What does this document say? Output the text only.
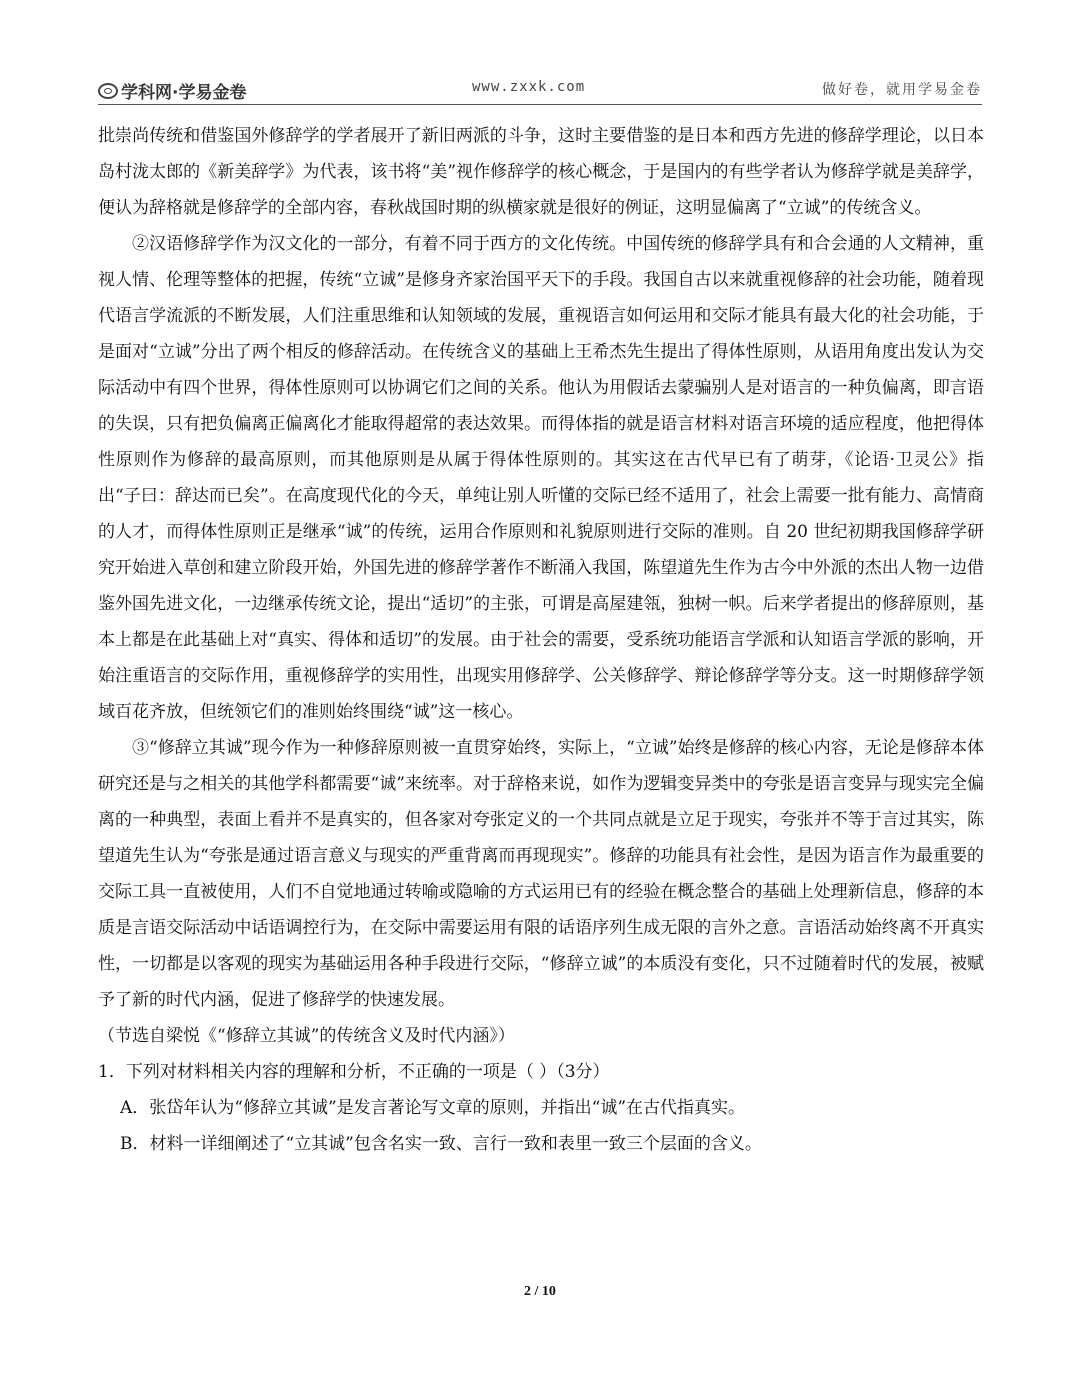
学科网·学易金卷	www.zxxk.com	做好卷，就用学易金卷

批崇尚传统和借鉴国外修辞学的学者展开了新旧两派的斗争，这时主要借鉴的是日本和西方先进的修辞学理论，以日本岛村泷太郎的《新美辞学》为代表，该书将“美”视作修辞学的核心概念，于是国内的有些学者认为修辞学就是美辞学，便认为辞格就是修辞学的全部内容，春秋战国时期的纵横家就是很好的例证，这明显偏离了“立诚”的传统含义。

②汉语修辞学作为汉文化的一部分，有着不同于西方的文化传统。中国传统的修辞学具有和合会通的人文精神，重视人情、伦理等整体的把握，传统“立诚”是修身齐家治国平天下的手段。我国自古以来就重视修辞的社会功能，随着现代语言学流派的不断发展，人们注重思维和认知领域的发展，重视语言如何运用和交际才能具有最大化的社会功能，于是面对“立诚”分出了两个相反的修辞活动。在传统含义的基础上王希杰先生提出了得体性原则，从语用角度出发认为交际活动中有四个世界，得体性原则可以协调它们之间的关系。他认为用假话去蒙骗别人是对语言的一种负偏离，即言语的失误，只有把负偏离正偏离化才能取得超常的表达效果。而得体指的就是语言材料对语言环境的适应程度，他把得体性原则作为修辞的最高原则，而其他原则是从属于得体性原则的。其实这在古代早已有了萌芽，《论语·卫灵公》指出“子曰：辞达而已矣”。在高度现代化的今天，单纯让别人听懂的交际已经不适用了，社会上需要一批有能力、高情商的人才，而得体性原则正是继承“诚”的传统，运用合作原则和礼貌原则进行交际的准则。自 20 世纪初期我国修辞学研究开始进入草创和建立阶段开始，外国先进的修辞学著作不断涌入我国，陈望道先生作为古今中外派的杰出人物一边借鉴外国先进文化，一边继承传统文论，提出“适切”的主张，可谓是高屋建瓴，独树一帜。后来学者提出的修辞原则，基本上都是在此基础上对“真实、得体和适切”的发展。由于社会的需要，受系统功能语言学派和认知语言学派的影响，开始注重语言的交际作用，重视修辞学的实用性，出现实用修辞学、公关修辞学、辩论修辞学等分支。这一时期修辞学领域百花齐放，但统领它们的准则始终围绕“诚”这一核心。

③“修辞立其诚”现今作为一种修辞原则被一直贯穿始终，实际上，“立诚”始终是修辞的核心内容，无论是修辞本体研究还是与之相关的其他学科都需要“诚”来统率。对于辞格来说，如作为逻辑变异类中的夸张是语言变异与现实完全偏离的一种典型，表面上看并不是真实的，但各家对夸张定义的一个共同点就是立足于现实，夸张并不等于言过其实，陈望道先生认为“夸张是通过语言意义与现实的严重背离而再现现实”。修辞的功能具有社会性，是因为语言作为最重要的交际工具一直被使用，人们不自觉地通过转喻或隐喻的方式运用已有的经验在概念整合的基础上处理新信息，修辞的本质是言语交际活动中话语调控行为，在交际中需要运用有限的话语序列生成无限的言外之意。言语活动始终离不开真实性，一切都是以客观的现实为基础运用各种手段进行交际，“修辞立诚”的本质没有变化，只不过随着时代的发展，被赋予了新的时代内涵，促进了修辞学的快速发展。

（节选自梁悦《“修辞立其诚”的传统含义及时代内涵》）

1．下列对材料相关内容的理解和分析，不正确的一项是（ ）（3分）

A．张岱年认为“修辞立其诚”是发言著论写文章的原则，并指出“诚”在古代指真实。

B．材料一详细阐述了“立其诚”包含名实一致、言行一致和表里一致三个层面的含义。

2 / 10
